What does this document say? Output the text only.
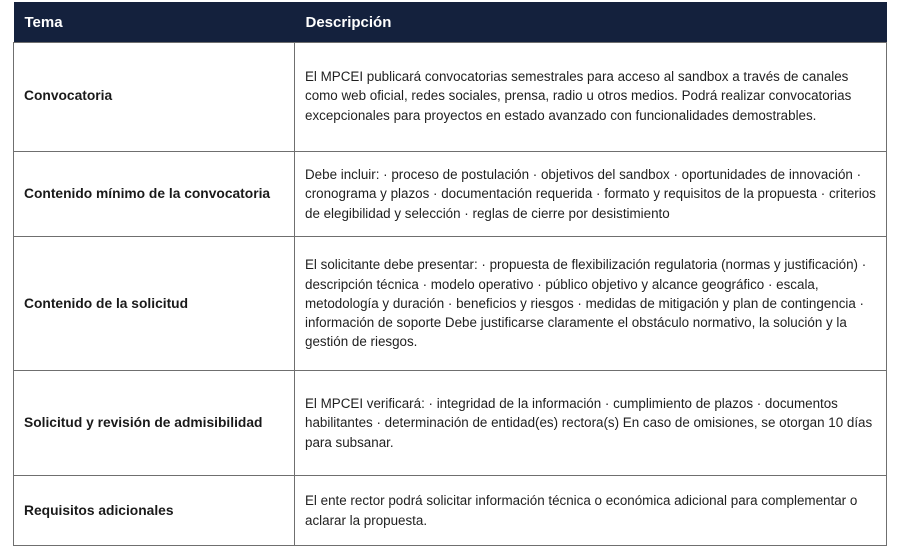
Tema	Descripción
Convocatoria	El MPCEI publicará convocatorias semestrales para acceso al sandbox a través de canales como web oficial, redes sociales, prensa, radio u otros medios. Podrá realizar convocatorias excepcionales para proyectos en estado avanzado con funcionalidades demostrables.
Contenido mínimo de la convocatoria	Debe incluir: · proceso de postulación · objetivos del sandbox · oportunidades de innovación · cronograma y plazos · documentación requerida · formato y requisitos de la propuesta · criterios de elegibilidad y selección · reglas de cierre por desistimiento
Contenido de la solicitud	El solicitante debe presentar: · propuesta de flexibilización regulatoria (normas y justificación) · descripción técnica · modelo operativo · público objetivo y alcance geográfico · escala, metodología y duración · beneficios y riesgos · medidas de mitigación y plan de contingencia · información de soporte Debe justificarse claramente el obstáculo normativo, la solución y la gestión de riesgos.
Solicitud y revisión de admisibilidad	El MPCEI verificará: · integridad de la información · cumplimiento de plazos · documentos habilitantes · determinación de entidad(es) rectora(s) En caso de omisiones, se otorgan 10 días para subsanar.
Requisitos adicionales	El ente rector podrá solicitar información técnica o económica adicional para complementar o aclarar la propuesta.
